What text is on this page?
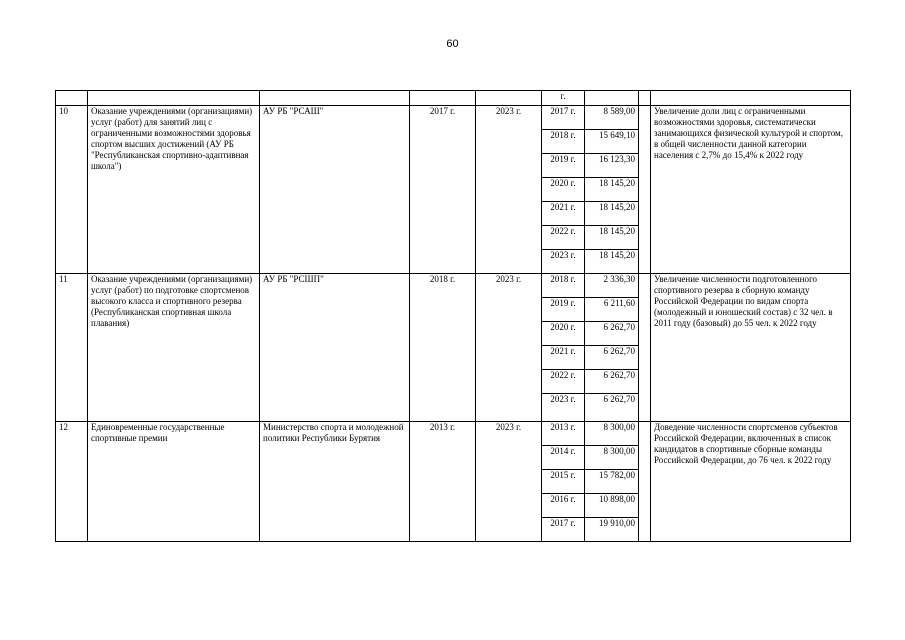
60
					г.			
10	Оказание учреждениями (организациями) услуг (работ) для занятий лиц с ограниченными возможностями здоровья спортом высших достижений (АУ РБ "Республиканская спортивно-адаптивная школа")	АУ РБ "РСАШ"	2017 г.	2023 г.	2017 г.	8 589,00		Увеличение доли лиц с ограниченными возможностями здоровья, систематически занимающихся физической культурой и спортом, в общей численности данной категории населения с 2,7% до 15,4% к 2022 году
					2018 г.	15 649,10		
					2019 г.	16 123,30		
					2020 г.	18 145,20		
					2021 г.	18 145,20		
					2022 г.	18 145,20		
					2023 г.	18 145,20		
11	Оказание учреждениями (организациями) услуг (работ) по подготовке спортсменов высокого класса и спортивного резерва (Республиканская спортивная школа плавания)	АУ РБ "РСШП"	2018 г.	2023 г.	2018 г.	2 336,30		Увеличение численности подготовленного спортивного резерва в сборную команду Российской Федерации по видам спорта (молодежный и юношеский состав) с 32 чел. в 2011 году (базовый) до 55 чел. к 2022 году
					2019 г.	6 211,60		
					2020 г.	6 262,70		
					2021 г.	6 262,70		
					2022 г.	6 262,70		
					2023 г.	6 262,70		
12	Единовременные государственные спортивные премии	Министерство спорта и молодежной политики Республики Бурятия	2013 г.	2023 г.	2013 г.	8 300,00		Доведение численности спортсменов субъектов Российской Федерации, включенных в список кандидатов в спортивные сборные команды Российской Федерации, до 76 чел. к 2022 году
					2014 г.	8 300,00		
					2015 г.	15 782,00		
					2016 г.	10 898,00		
					2017 г.	19 910,00		
